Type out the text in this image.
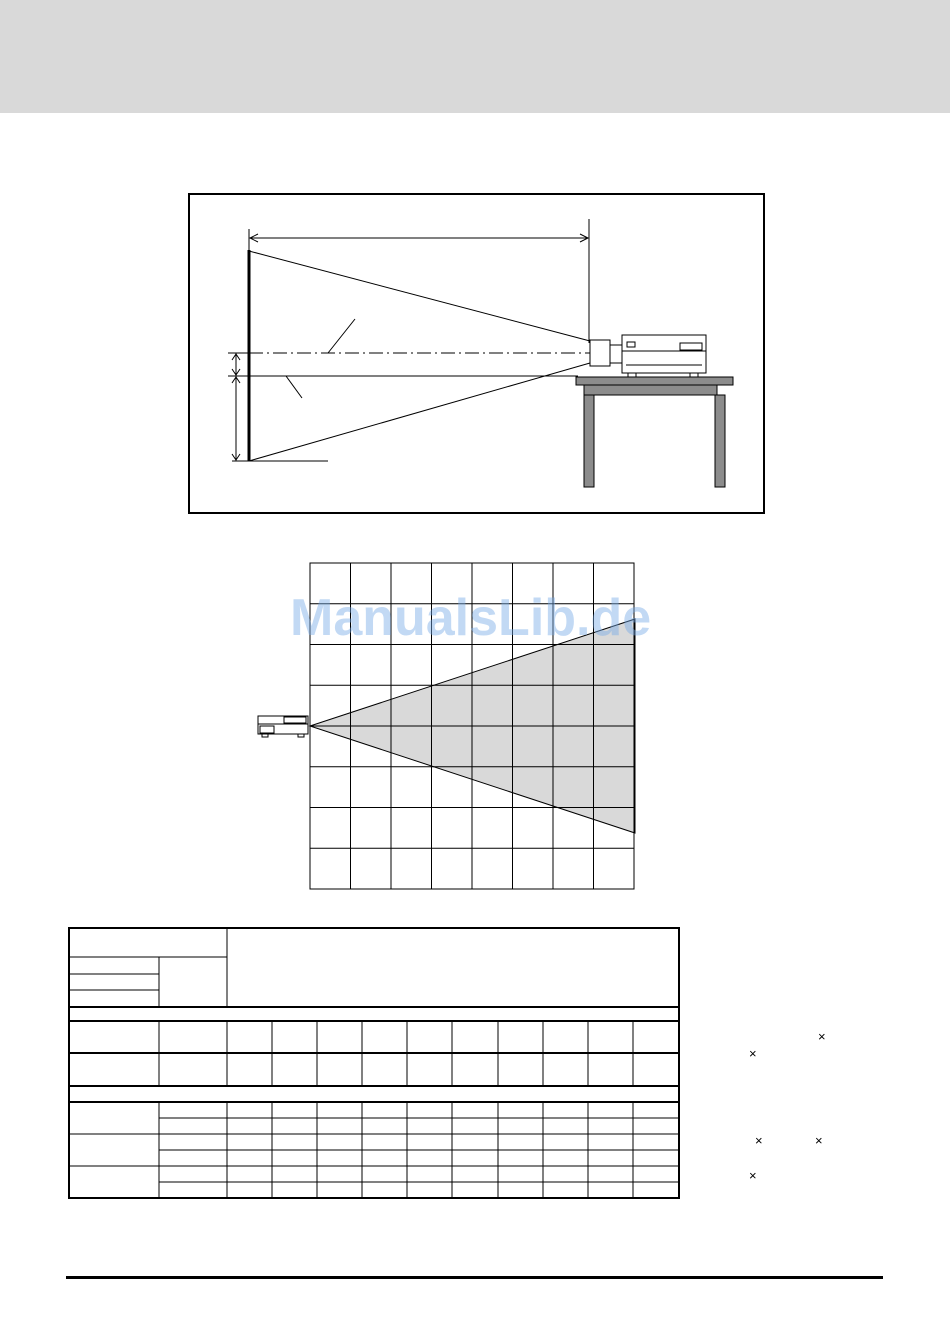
ManualsLib.de
×
×
×	×
×
